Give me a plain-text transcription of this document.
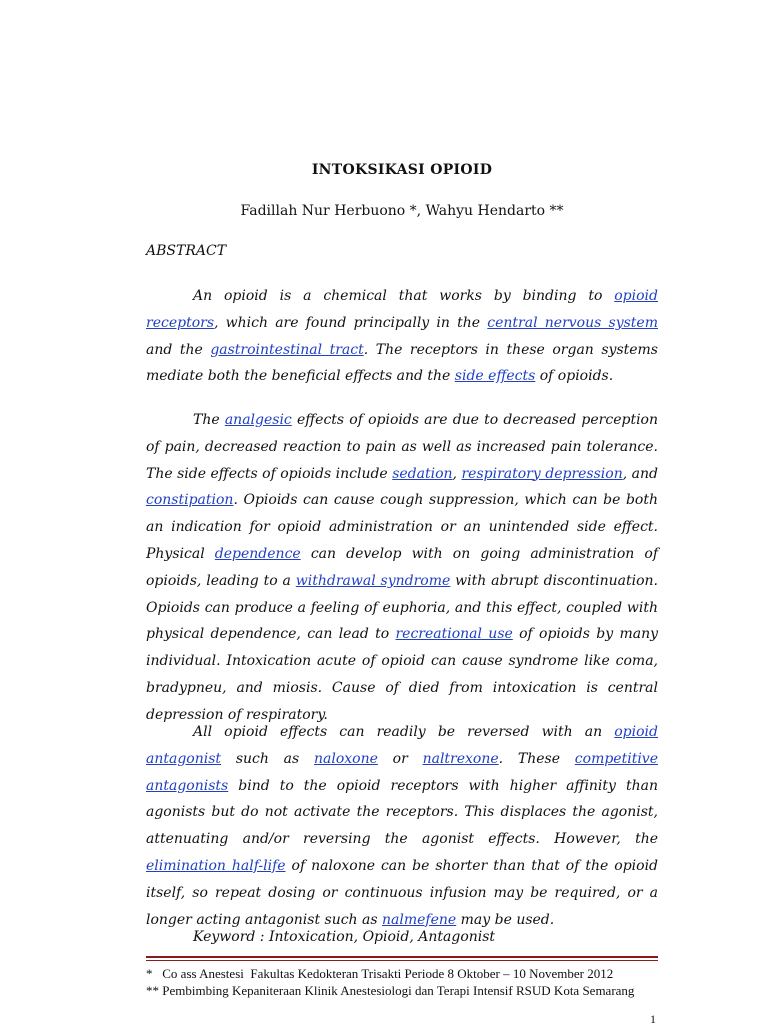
INTOKSIKASI OPIOID
Fadillah Nur Herbuono *, Wahyu Hendarto **
ABSTRACT

An opioid is a chemical that works by binding to opioid receptors, which are found principally in the central nervous system and the gastrointestinal tract. The receptors in these organ systems mediate both the beneficial effects and the side effects of opioids.

The analgesic effects of opioids are due to decreased perception of pain, decreased reaction to pain as well as increased pain tolerance. The side effects of opioids include sedation, respiratory depression, and constipation. Opioids can cause cough suppression, which can be both an indication for opioid administration or an unintended side effect. Physical dependence can develop with on going administration of opioids, leading to a withdrawal syndrome with abrupt discontinuation. Opioids can produce a feeling of euphoria, and this effect, coupled with physical dependence, can lead to recreational use of opioids by many individual. Intoxication acute of opioid can cause syndrome like coma, bradypneu, and miosis. Cause of died from intoxication is central depression of respiratory.

All opioid effects can readily be reversed with an opioid antagonist such as naloxone or naltrexone. These competitive antagonists bind to the opioid receptors with higher affinity than agonists but do not activate the receptors. This displaces the agonist, attenuating and/or reversing the agonist effects. However, the elimination half-life of naloxone can be shorter than that of the opioid itself, so repeat dosing or continuous infusion may be required, or a longer acting antagonist such as nalmefene may be used.

Keyword : Intoxication, Opioid, Antagonist
*   Co ass Anestesi  Fakultas Kedokteran Trisakti Periode 8 Oktober – 10 November 2012
** Pembimbing Kepaniteraan Klinik Anestesiologi dan Terapi Intensif RSUD Kota Semarang
1
